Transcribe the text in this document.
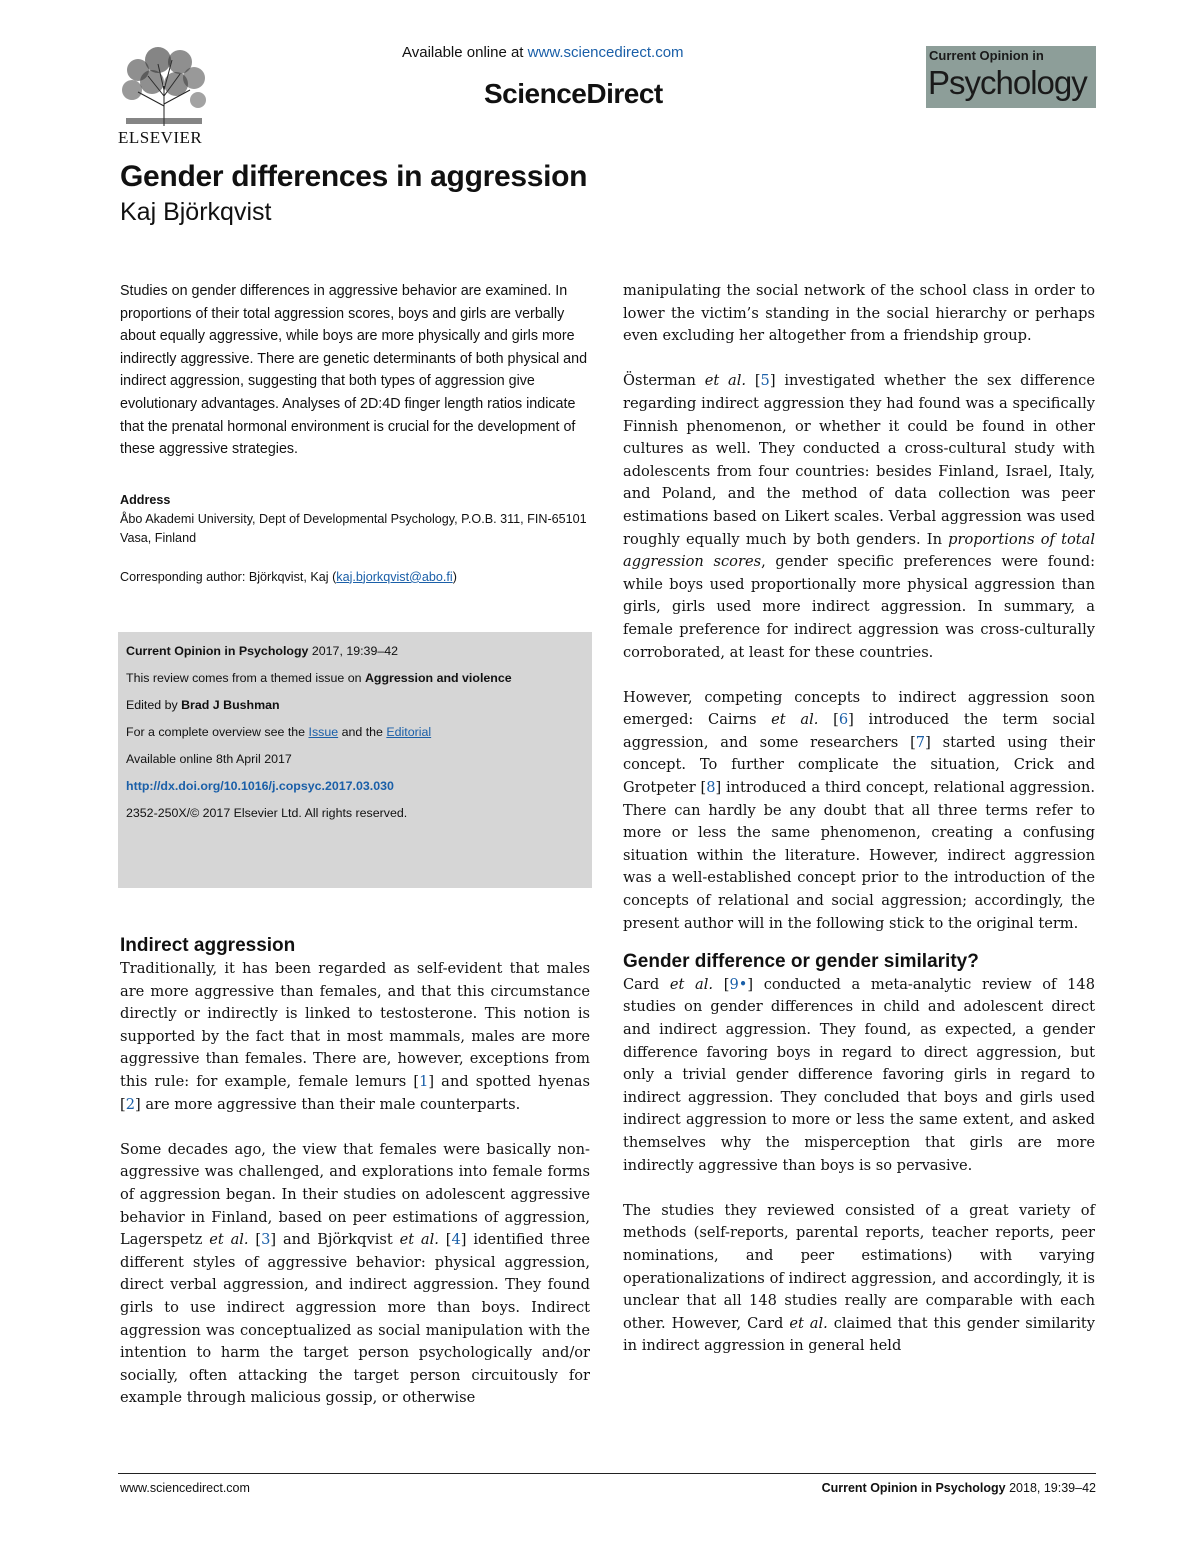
ELSEVIER
Available online at www.sciencedirect.com
ScienceDirect
Current Opinion in
Psychology
Gender differences in aggression
Kaj Björkqvist

Studies on gender differences in aggressive behavior are examined. In proportions of their total aggression scores, boys and girls are verbally about equally aggressive, while boys are more physically and girls more indirectly aggressive. There are genetic determinants of both physical and indirect aggression, suggesting that both types of aggression give evolutionary advantages. Analyses of 2D:4D finger length ratios indicate that the prenatal hormonal environment is crucial for the development of these aggressive strategies.

Address
Åbo Akademi University, Dept of Developmental Psychology, P.O.B. 311, FIN-65101 Vasa, Finland
Corresponding author: Björkqvist, Kaj (kaj.bjorkqvist@abo.fi)
Current Opinion in Psychology 2017, 19:39–42
This review comes from a themed issue on Aggression and violence
Edited by Brad J Bushman
For a complete overview see the Issue and the Editorial
Available online 8th April 2017
http://dx.doi.org/10.1016/j.copsyc.2017.03.030
2352-250X/© 2017 Elsevier Ltd. All rights reserved.
Indirect aggression

Traditionally, it has been regarded as self-evident that males are more aggressive than females, and that this circumstance directly or indirectly is linked to testosterone. This notion is supported by the fact that in most mammals, males are more aggressive than females. There are, however, exceptions from this rule: for example, female lemurs [1] and spotted hyenas [2] are more aggressive than their male counterparts.

Some decades ago, the view that females were basically non-aggressive was challenged, and explorations into female forms of aggression began. In their studies on adolescent aggressive behavior in Finland, based on peer estimations of aggression, Lagerspetz et al. [3] and Björkqvist et al. [4] identified three different styles of aggressive behavior: physical aggression, direct verbal aggression, and indirect aggression. They found girls to use indirect aggression more than boys. Indirect aggression was conceptualized as social manipulation with the intention to harm the target person psychologically and/or socially, often attacking the target person circuitously for example through malicious gossip, or otherwise

manipulating the social network of the school class in order to lower the victim’s standing in the social hierarchy or perhaps even excluding her altogether from a friendship group.

Österman et al. [5] investigated whether the sex difference regarding indirect aggression they had found was a specifically Finnish phenomenon, or whether it could be found in other cultures as well. They conducted a cross-cultural study with adolescents from four countries: besides Finland, Israel, Italy, and Poland, and the method of data collection was peer estimations based on Likert scales. Verbal aggression was used roughly equally much by both genders. In proportions of total aggression scores, gender specific preferences were found: while boys used proportionally more physical aggression than girls, girls used more indirect aggression. In summary, a female preference for indirect aggression was cross-culturally corroborated, at least for these countries.

However, competing concepts to indirect aggression soon emerged: Cairns et al. [6] introduced the term social aggression, and some researchers [7] started using their concept. To further complicate the situation, Crick and Grotpeter [8] introduced a third concept, relational aggression. There can hardly be any doubt that all three terms refer to more or less the same phenomenon, creating a confusing situation within the literature. However, indirect aggression was a well-established concept prior to the introduction of the concepts of relational and social aggression; accordingly, the present author will in the following stick to the original term.

Gender difference or gender similarity?

Card et al. [9•] conducted a meta-analytic review of 148 studies on gender differences in child and adolescent direct and indirect aggression. They found, as expected, a gender difference favoring boys in regard to direct aggression, but only a trivial gender difference favoring girls in regard to indirect aggression. They concluded that boys and girls used indirect aggression to more or less the same extent, and asked themselves why the misperception that girls are more indirectly aggressive than boys is so pervasive.

The studies they reviewed consisted of a great variety of methods (self-reports, parental reports, teacher reports, peer nominations, and peer estimations) with varying operationalizations of indirect aggression, and accordingly, it is unclear that all 148 studies really are comparable with each other. However, Card et al. claimed that this gender similarity in indirect aggression in general held

www.sciencedirect.com	Current Opinion in Psychology 2018, 19:39–42
